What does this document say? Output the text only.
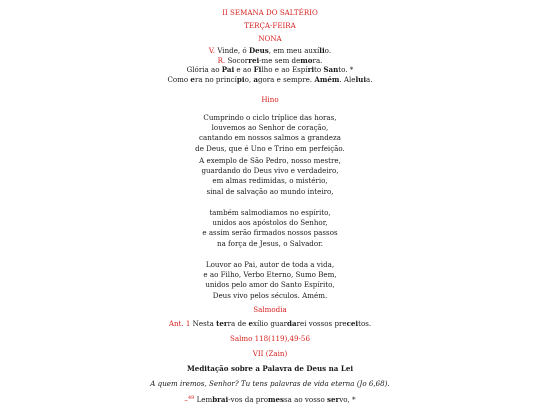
II SEMANA DO SALTÉRIO
TERÇA-FEIRA
NONA
V. Vinde, ó Deus, em meu auxílio.
R. Socorrei-me sem demora.
Glória ao Pai e ao Filho e ao Espírito Santo. *
Como era no princípio, agora e sempre. Amém. Aleluia.
Hino
Cumprindo o ciclo tríplice das horas,
louvemos ao Senhor de coração,
cantando em nossos salmos a grandeza
de Deus, que é Uno e Trino em perfeição.
A exemplo de São Pedro, nosso mestre,
guardando do Deus vivo e verdadeiro,
em almas redimidas, o mistério,
sinal de salvação ao mundo inteiro,
também salmodiamos no espírito,
unidos aos apóstolos do Senhor,
e assim serão firmados nossos passos
na força de Jesus, o Salvador.
Louvor ao Pai, autor de toda a vida,
e ao Filho, Verbo Eterno, Sumo Bem,
unidos pelo amor do Santo Espírito,
Deus vivo pelos séculos. Amém.
Salmodia
Ant. 1 Nesta terra de exílio guardarei vossos preceitos.
Salmo 118(119),49-56
VII (Zain)
Meditação sobre a Palavra de Deus na Lei
A quem iremos, Senhor? Tu tens palavras de vida eterna (Jo 6,68).
–$^{49}$ Lembrai-vos da promessa ao vosso servo, *
